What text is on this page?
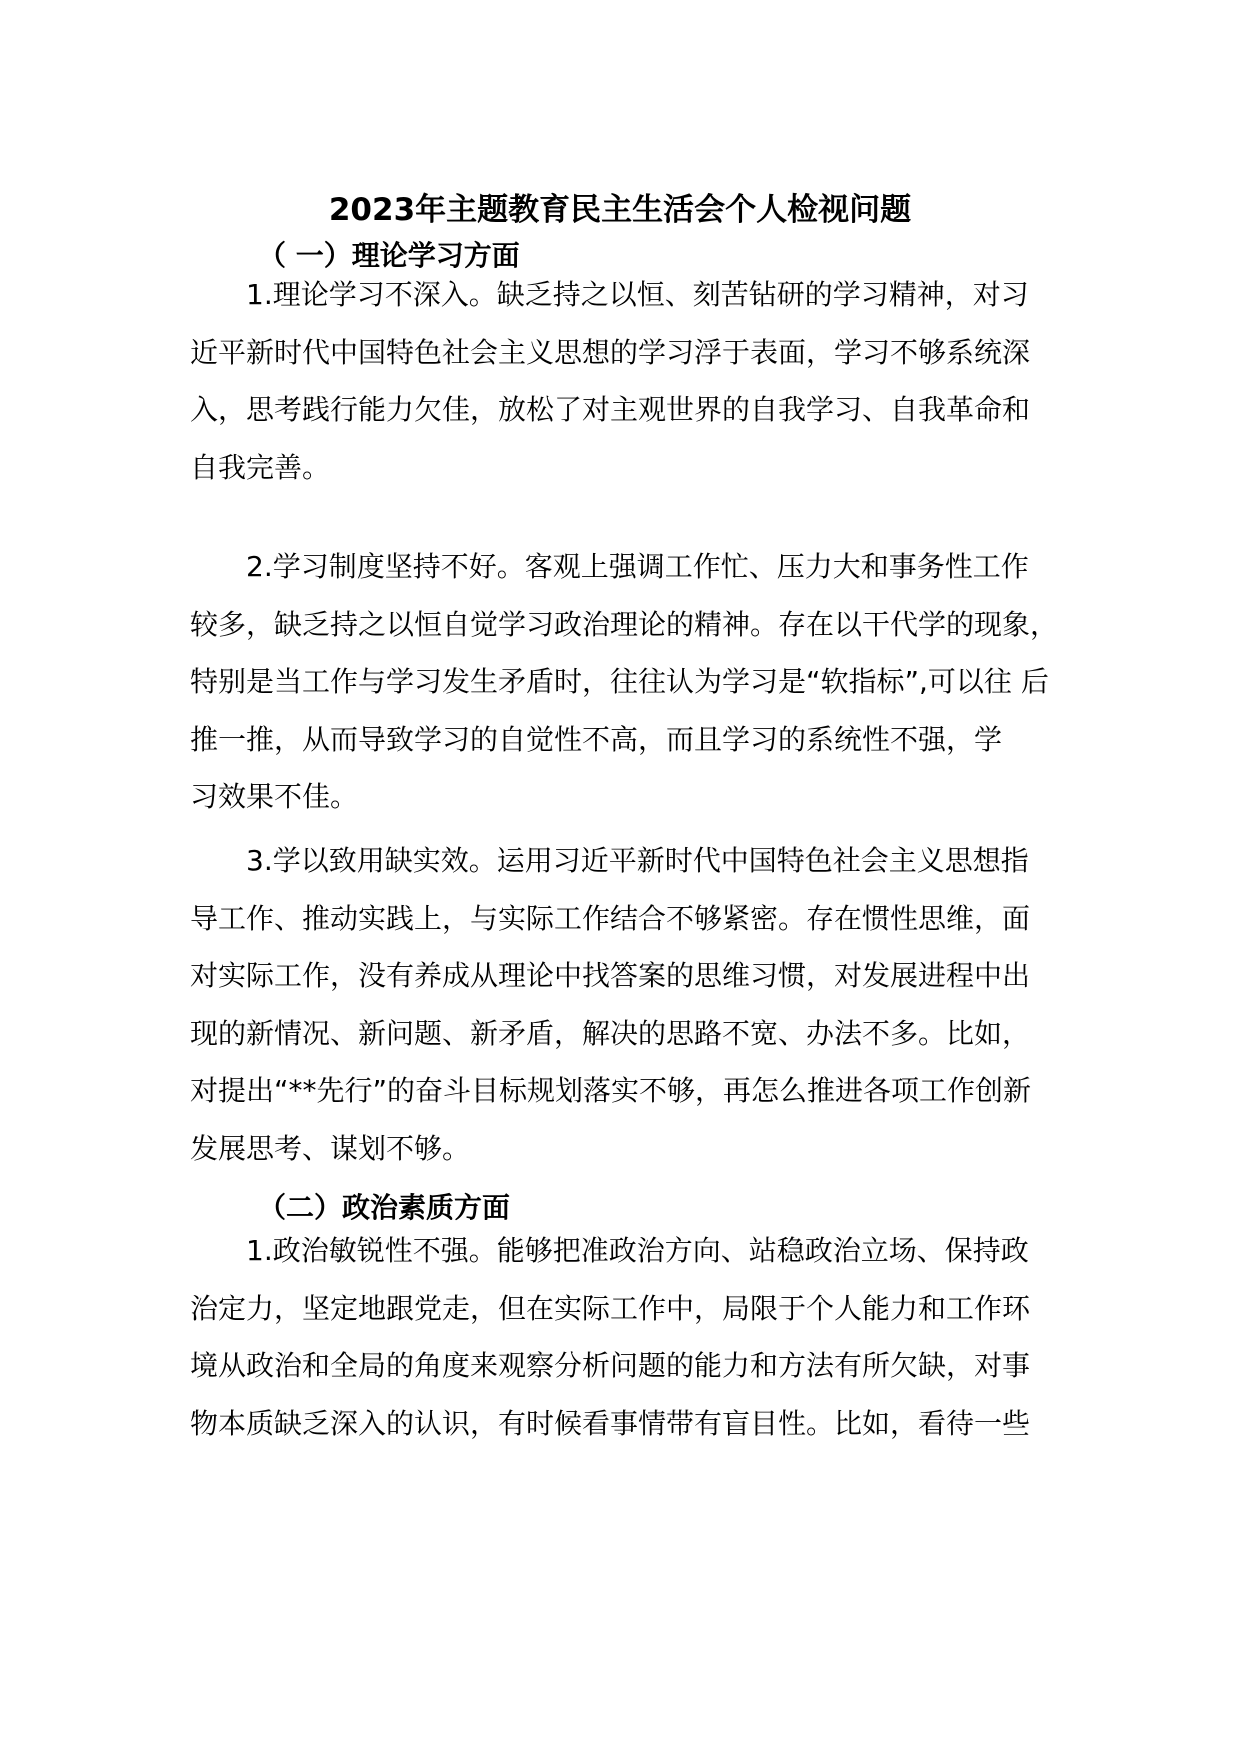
2023年主题教育民主生活会个人检视问题
（ 一）理论学习方面
1.理论学习不深入。缺乏持之以恒、刻苦钻研的学习精神，对习
近平新时代中国特色社会主义思想的学习浮于表面，学习不够系统深
入，思考践行能力欠佳，放松了对主观世界的自我学习、自我革命和
自我完善。
2.学习制度坚持不好。客观上强调工作忙、压力大和事务性工作
较多，缺乏持之以恒自觉学习政治理论的精神。存在以干代学的现象，
特别是当工作与学习发生矛盾时，往往认为学习是“软指标”,可以往 后
推一推，从而导致学习的自觉性不高，而且学习的系统性不强，学
习效果不佳。
3.学以致用缺实效。运用习近平新时代中国特色社会主义思想指
导工作、推动实践上，与实际工作结合不够紧密。存在惯性思维，面
对实际工作，没有养成从理论中找答案的思维习惯，对发展进程中出
现的新情况、新问题、新矛盾，解决的思路不宽、办法不多。比如，
对提出“**先行”的奋斗目标规划落实不够，再怎么推进各项工作创新
发展思考、谋划不够。
（二）政治素质方面
1.政治敏锐性不强。能够把准政治方向、站稳政治立场、保持政
治定力，坚定地跟党走，但在实际工作中，局限于个人能力和工作环
境从政治和全局的角度来观察分析问题的能力和方法有所欠缺，对事
物本质缺乏深入的认识，有时候看事情带有盲目性。比如，看待一些
